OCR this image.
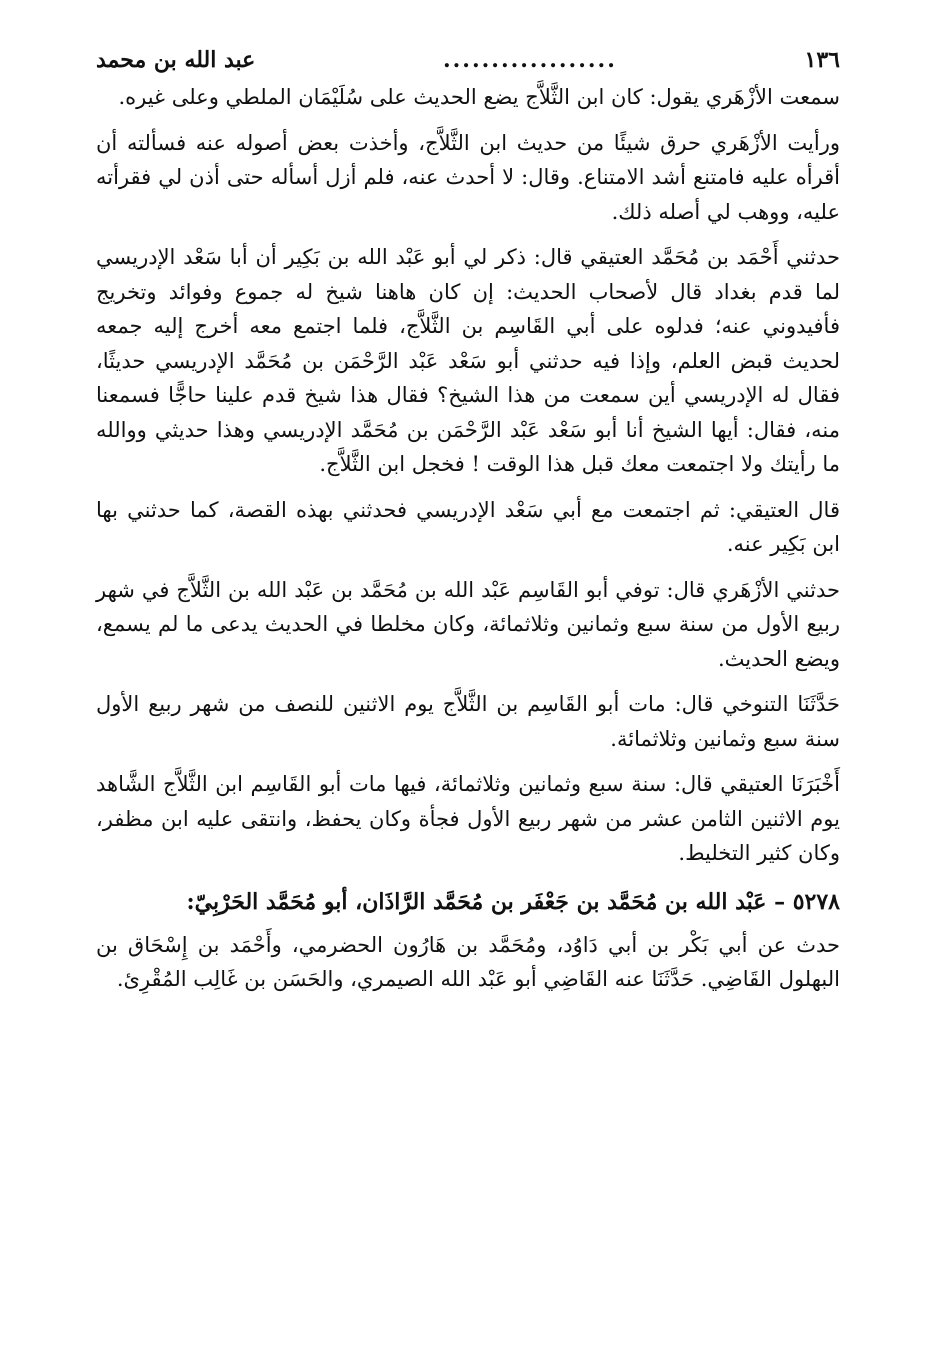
١٣٦
..................
عبد الله بن محمد

سمعت الأزْهَري يقول: كان ابن الثَّلاَّج يضع الحديث على سُلَيْمَان الملطي وعلى غيره.

ورأيت الأزْهَري حرق شيئًا من حديث ابن الثَّلاَّج، وأخذت بعض أصوله عنه فسألته أن أقرأه عليه فامتنع أشد الامتناع. وقال: لا أحدث عنه، فلم أزل أسأله حتى أذن لي فقرأته عليه، ووهب لي أصله ذلك.

حدثني أَحْمَد بن مُحَمَّد العتيقي قال: ذكر لي أبو عَبْد الله بن بَكِير أن أبا سَعْد الإدريسي لما قدم بغداد قال لأصحاب الحديث: إن كان هاهنا شيخ له جموع وفوائد وتخريج فأفيدوني عنه؛ فدلوه على أبي القَاسِم بن الثَّلاَّج، فلما اجتمع معه أخرج إليه جمعه لحديث قبض العلم، وإذا فيه حدثني أبو سَعْد عَبْد الرَّحْمَن بن مُحَمَّد الإدريسي حديثًا، فقال له الإدريسي أين سمعت من هذا الشيخ؟ فقال هذا شيخ قدم علينا حاجًّا فسمعنا منه، فقال: أيها الشيخ أنا أبو سَعْد عَبْد الرَّحْمَن بن مُحَمَّد الإدريسي وهذا حديثي ووالله ما رأيتك ولا اجتمعت معك قبل هذا الوقت ! فخجل ابن الثَّلاَّج.

قال العتيقي: ثم اجتمعت مع أبي سَعْد الإدريسي فحدثني بهذه القصة، كما حدثني بها ابن بَكِير عنه.

حدثني الأزْهَري قال: توفي أبو القَاسِم عَبْد الله بن مُحَمَّد بن عَبْد الله بن الثَّلاَّج في شهر ربيع الأول من سنة سبع وثمانين وثلاثمائة، وكان مخلطا في الحديث يدعى ما لم يسمع، ويضع الحديث.

حَدَّثَنَا التنوخي قال: مات أبو القَاسِم بن الثَّلاَّج يوم الاثنين للنصف من شهر ربيع الأول سنة سبع وثمانين وثلاثمائة.

أَخْبَرَنَا العتيقي قال: سنة سبع وثمانين وثلاثمائة، فيها مات أبو القَاسِم ابن الثَّلاَّج الشَّاهد يوم الاثنين الثامن عشر من شهر ربيع الأول فجأة وكان يحفظ، وانتقى عليه ابن مظفر، وكان كثير التخليط.

٥٢٧٨ – عَبْد الله بن مُحَمَّد بن جَعْفَر بن مُحَمَّد الرَّاذَان، أبو مُحَمَّد الحَرْبِيّ:

حدث عن أبي بَكْر بن أبي دَاوُد، ومُحَمَّد بن هَارُون الحضرمي، وأَحْمَد بن إِسْحَاق بن البهلول القَاضِي. حَدَّثَنَا عنه القَاضِي أبو عَبْد الله الصيمري، والحَسَن بن غَالِب المُقْرِئ.
